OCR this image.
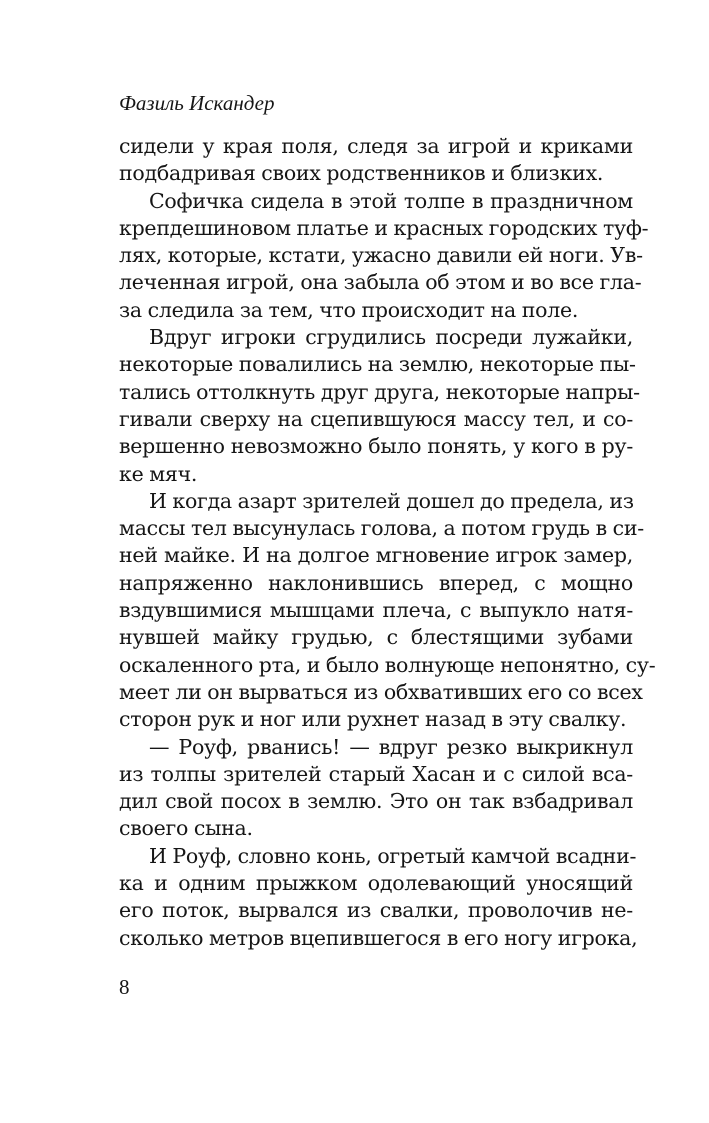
Фазиль Искандер
сидели у края поля, следя за игрой и криками
подбадривая своих родственников и близких.
Софичка сидела в этой толпе в праздничном
крепдешиновом платье и красных городских туф-
лях, которые, кстати, ужасно давили ей ноги. Ув-
леченная игрой, она забыла об этом и во все гла-
за следила за тем, что происходит на поле.
Вдруг игроки сгрудились посреди лужайки,
некоторые повалились на землю, некоторые пы-
тались оттолкнуть друг друга, некоторые напры-
гивали сверху на сцепившуюся массу тел, и со-
вершенно невозможно было понять, у кого в ру-
ке мяч.
И когда азарт зрителей дошел до предела, из
массы тел высунулась голова, а потом грудь в си-
ней майке. И на долгое мгновение игрок замер,
напряженно наклонившись вперед, с мощно
вздувшимися мышцами плеча, с выпукло натя-
нувшей майку грудью, с блестящими зубами
оскаленного рта, и было волнующе непонятно, су-
меет ли он вырваться из обхвативших его со всех
сторон рук и ног или рухнет назад в эту свалку.
— Роуф, рванись! — вдруг резко выкрикнул
из толпы зрителей старый Хасан и с силой вса-
дил свой посох в землю. Это он так взбадривал
своего сына.
И Роуф, словно конь, огретый камчой всадни-
ка и одним прыжком одолевающий уносящий
его поток, вырвался из свалки, проволочив не-
сколько метров вцепившегося в его ногу игрока,
8
